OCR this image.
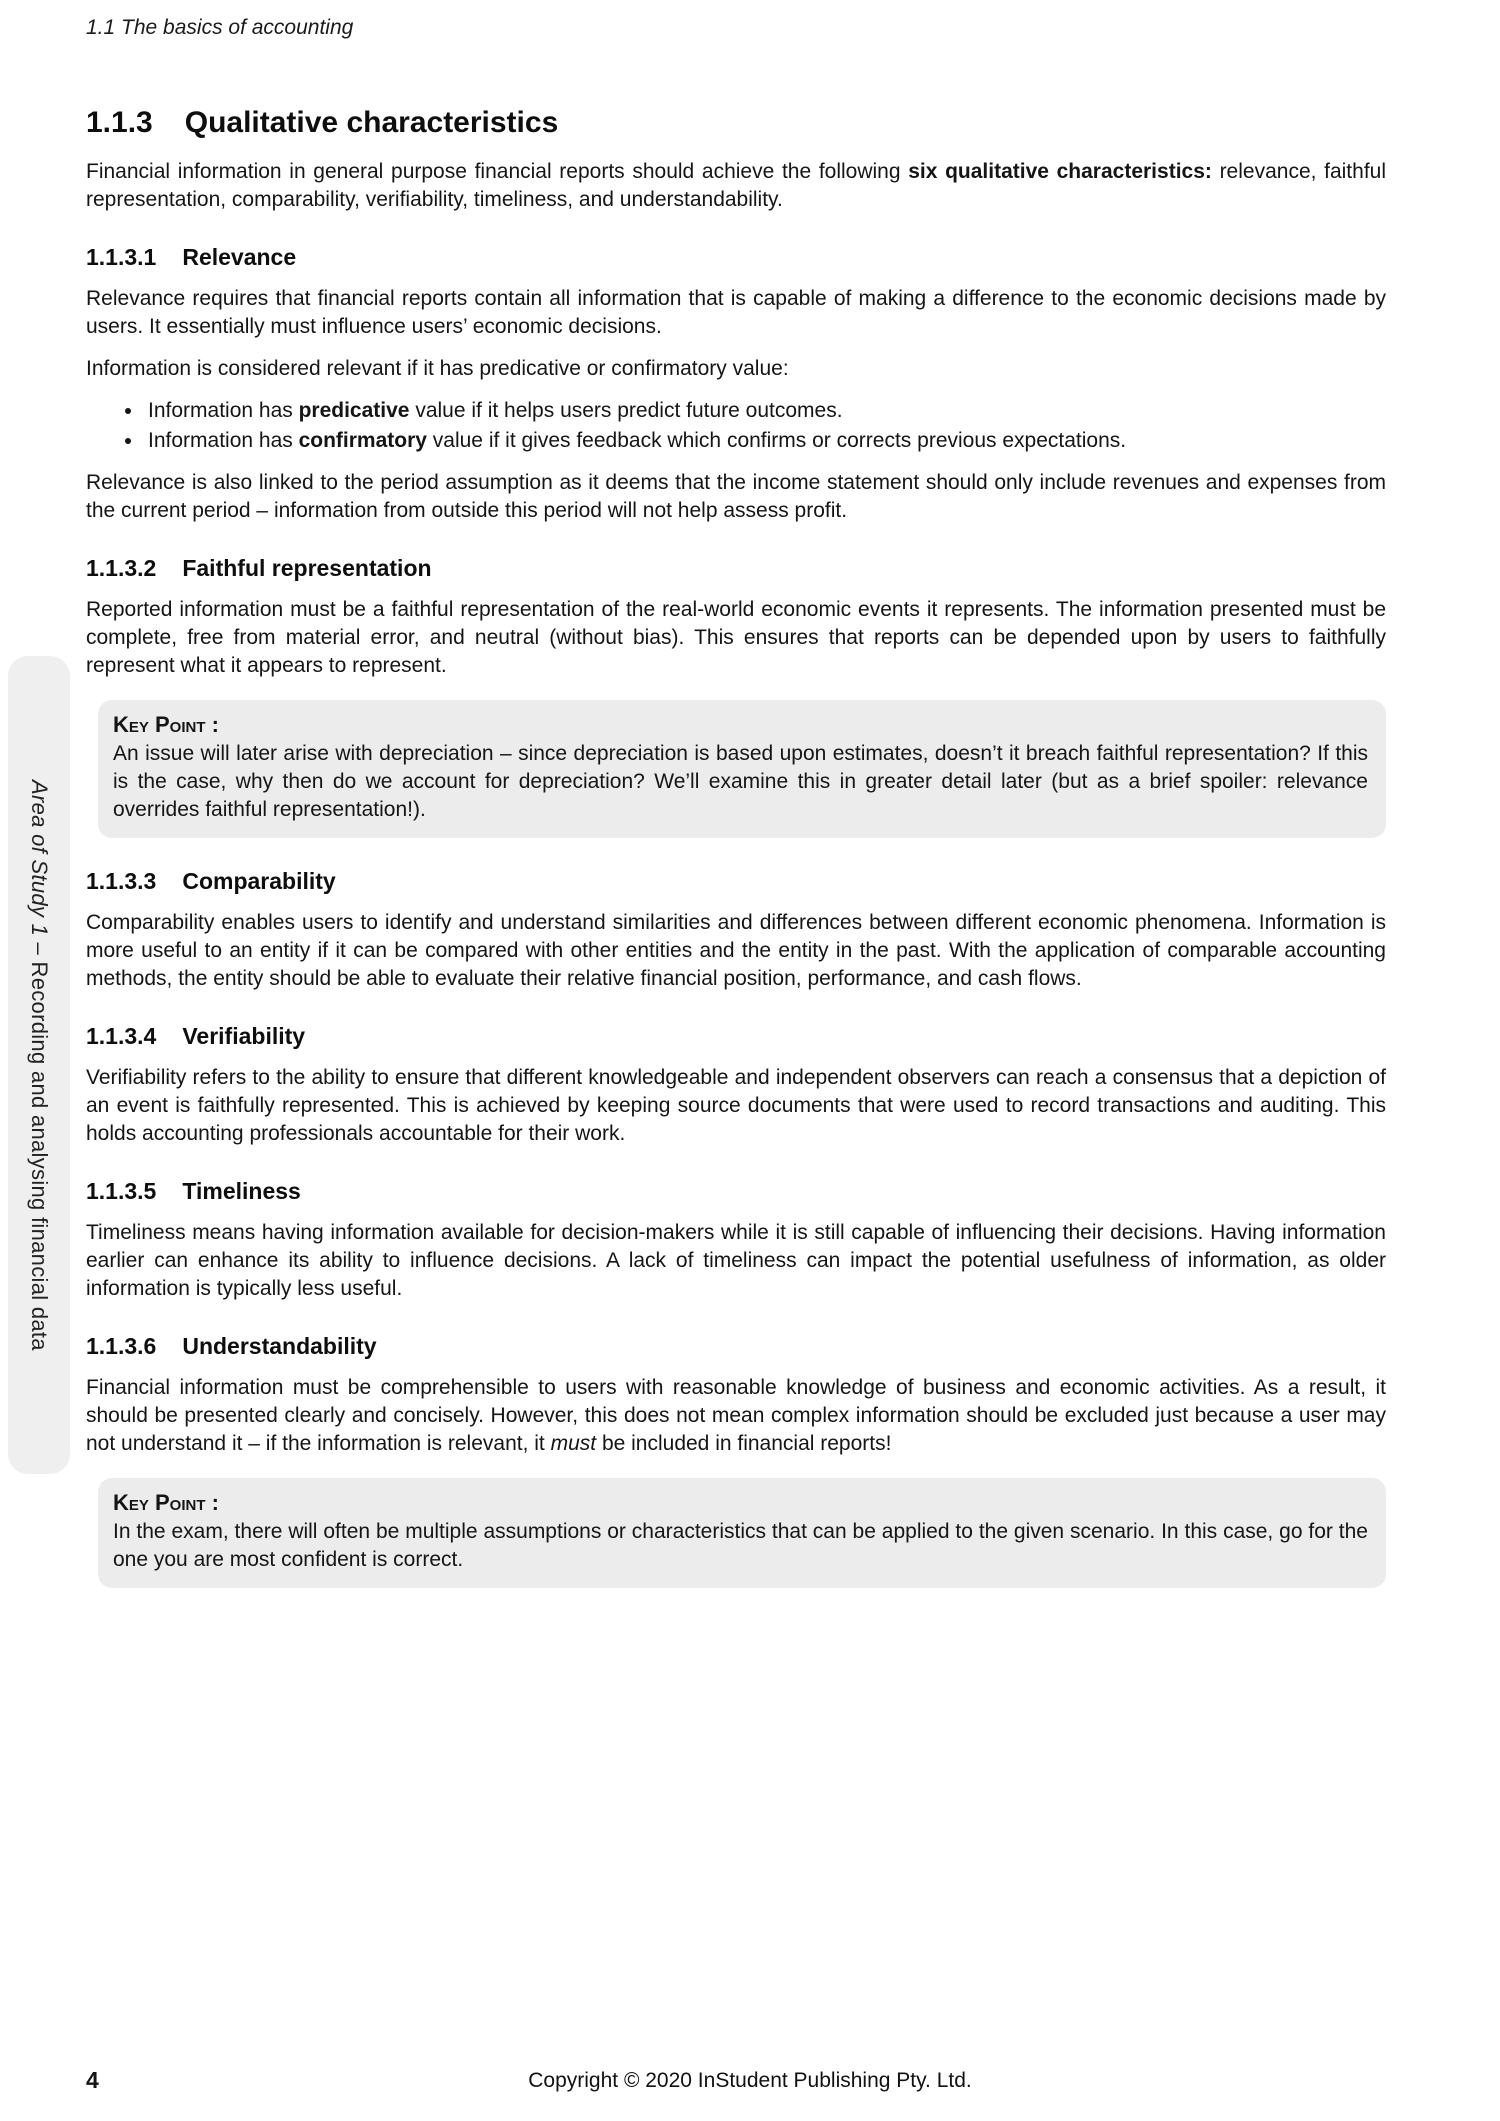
1.1 The basics of accounting
Area of Study 1 – Recording and analysing financial data
1.1.3 Qualitative characteristics

Financial information in general purpose financial reports should achieve the following six qualitative characteristics: relevance, faithful representation, comparability, verifiability, timeliness, and understandability.

1.1.3.1 Relevance

Relevance requires that financial reports contain all information that is capable of making a difference to the economic decisions made by users. It essentially must influence users’ economic decisions.

Information is considered relevant if it has predicative or confirmatory value:

• Information has predicative value if it helps users predict future outcomes.
• Information has confirmatory value if it gives feedback which confirms or corrects previous expectations.

Relevance is also linked to the period assumption as it deems that the income statement should only include revenues and expenses from the current period – information from outside this period will not help assess profit.

1.1.3.2 Faithful representation

Reported information must be a faithful representation of the real-world economic events it represents. The information presented must be complete, free from material error, and neutral (without bias). This ensures that reports can be depended upon by users to faithfully represent what it appears to represent.

Key Point :
An issue will later arise with depreciation – since depreciation is based upon estimates, doesn’t it breach faithful representation? If this is the case, why then do we account for depreciation? We’ll examine this in greater detail later (but as a brief spoiler: relevance overrides faithful representation!).
1.1.3.3 Comparability

Comparability enables users to identify and understand similarities and differences between different economic phenomena. Information is more useful to an entity if it can be compared with other entities and the entity in the past. With the application of comparable accounting methods, the entity should be able to evaluate their relative financial position, performance, and cash flows.

1.1.3.4 Verifiability

Verifiability refers to the ability to ensure that different knowledgeable and independent observers can reach a consensus that a depiction of an event is faithfully represented. This is achieved by keeping source documents that were used to record transactions and auditing. This holds accounting professionals accountable for their work.

1.1.3.5 Timeliness

Timeliness means having information available for decision-makers while it is still capable of influencing their decisions. Having information earlier can enhance its ability to influence decisions. A lack of timeliness can impact the potential usefulness of information, as older information is typically less useful.

1.1.3.6 Understandability

Financial information must be comprehensible to users with reasonable knowledge of business and economic activities. As a result, it should be presented clearly and concisely. However, this does not mean complex information should be excluded just because a user may not understand it – if the information is relevant, it must be included in financial reports!

Key Point :
In the exam, there will often be multiple assumptions or characteristics that can be applied to the given scenario. In this case, go for the one you are most confident is correct.
4	Copyright © 2020 InStudent Publishing Pty. Ltd.
